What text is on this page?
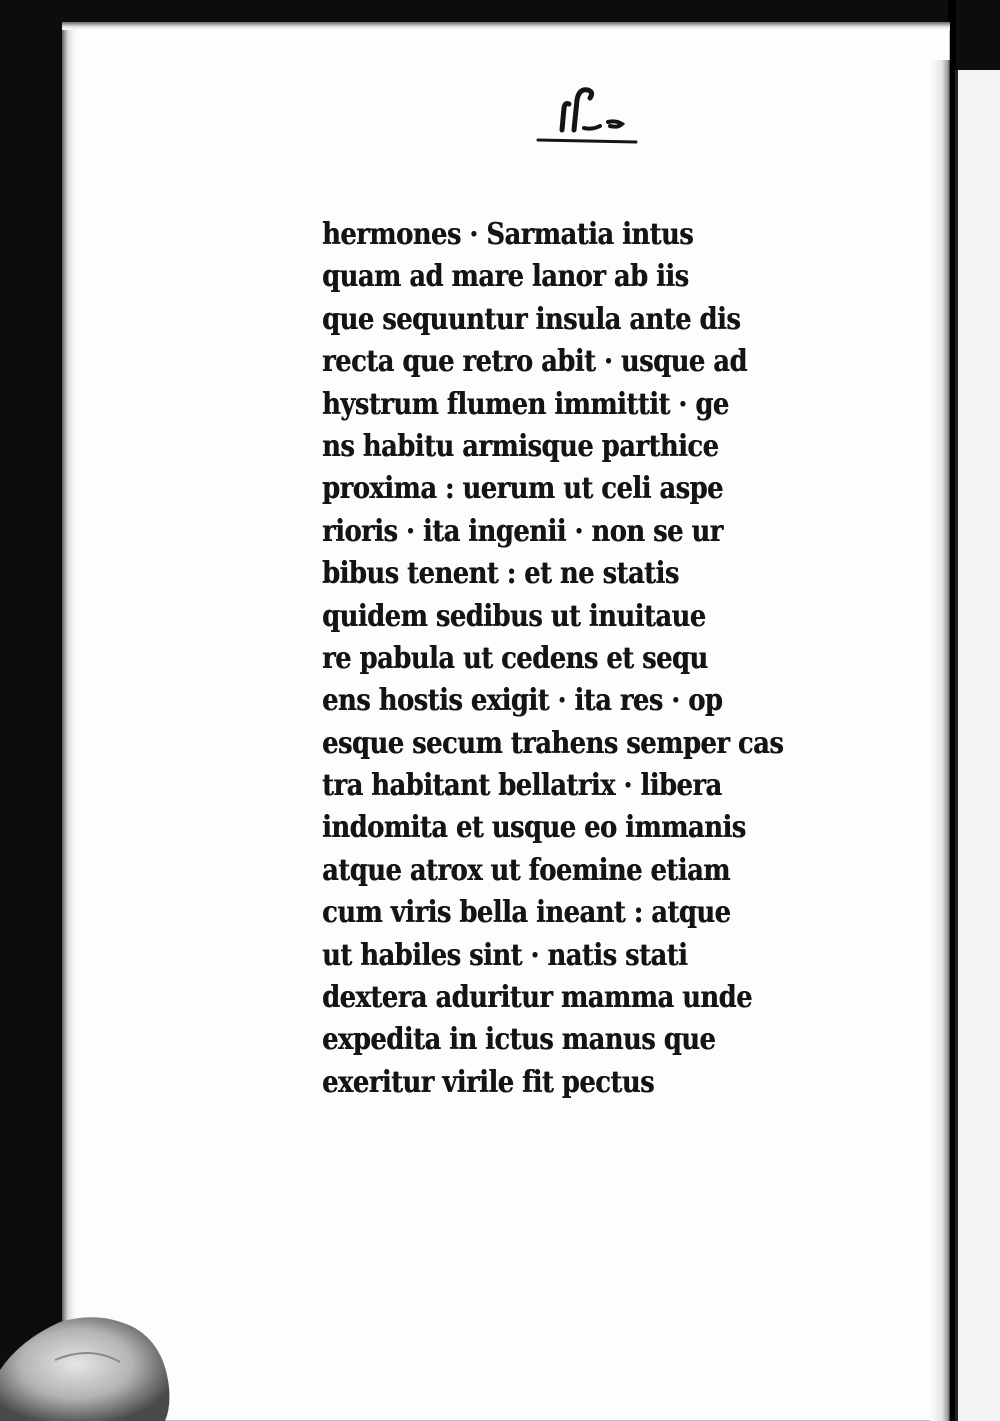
hermones · Sarmatia intus
quam ad mare lanor ab iis
que sequuntur insula ante dis
recta que retro abit · usque ad
hystrum flumen immittit · ge
ns habitu armisque parthice
proxima : uerum ut celi aspe
rioris · ita ingenii · non se ur
bibus tenent : et ne statis
quidem sedibus ut inuitaue
re pabula ut cedens et sequ
ens hostis exigit · ita res · op
esque secum trahens semper cas
tra habitant bellatrix · libera
indomita et usque eo immanis
atque atrox ut foemine etiam
cum viris bella ineant : atque
ut habiles sint · natis stati
dextera aduritur mamma unde
expedita in ictus manus que
exeritur virile fit pectus
